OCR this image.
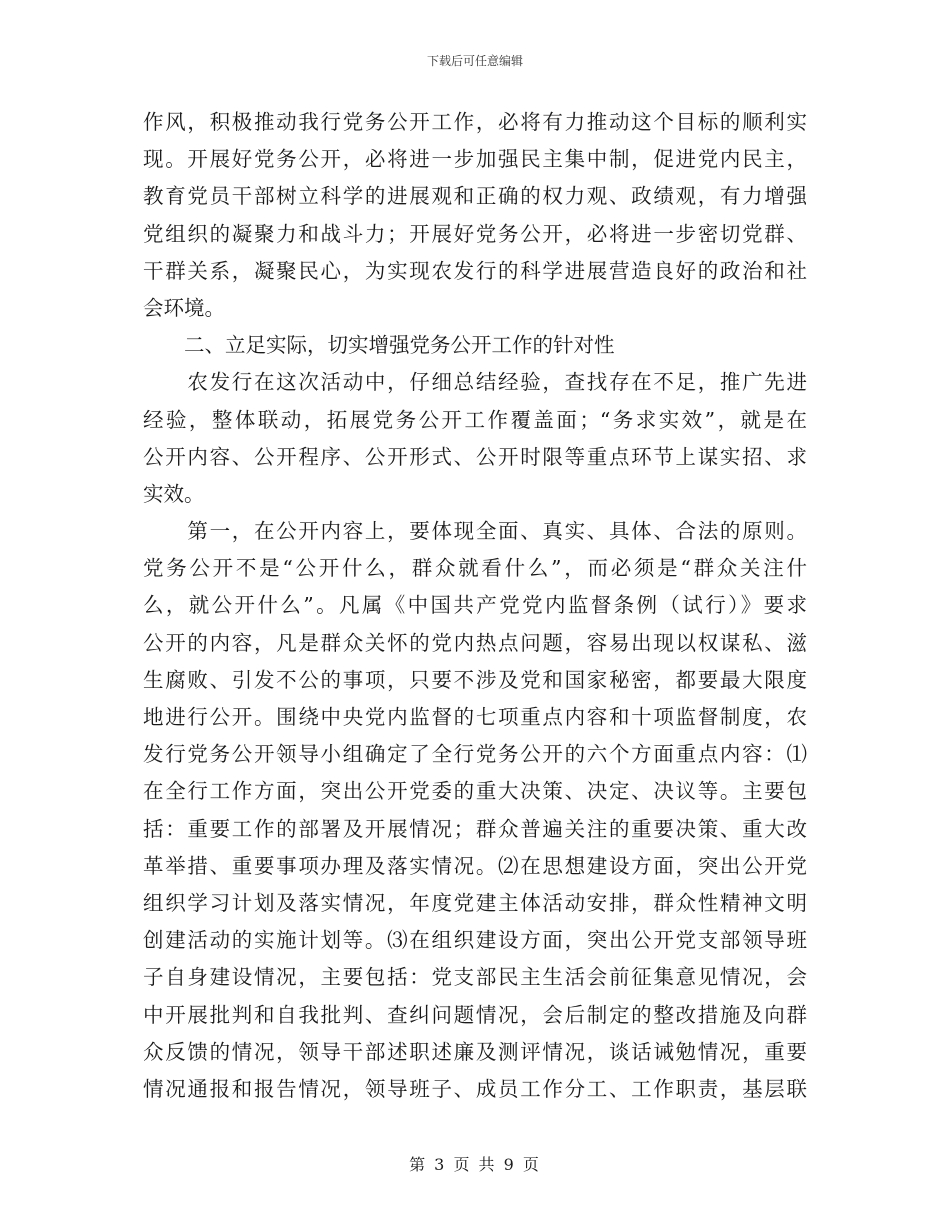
下载后可任意编辑
作风，积极推动我行党务公开工作，必将有力推动这个目标的顺利实
现。开展好党务公开，必将进一步加强民主集中制，促进党内民主，
教育党员干部树立科学的进展观和正确的权力观、政绩观，有力增强
党组织的凝聚力和战斗力；开展好党务公开，必将进一步密切党群、
干群关系，凝聚民心，为实现农发行的科学进展营造良好的政治和社
会环境。
　　二、立足实际，切实增强党务公开工作的针对性
　　农发行在这次活动中，仔细总结经验，查找存在不足，推广先进
经验，整体联动，拓展党务公开工作覆盖面；“务求实效”，就是在
公开内容、公开程序、公开形式、公开时限等重点环节上谋实招、求
实效。
　　第一，在公开内容上，要体现全面、真实、具体、合法的原则。
党务公开不是“公开什么，群众就看什么”，而必须是“群众关注什
么，就公开什么”。凡属《中国共产党党内监督条例（试行）》要求
公开的内容，凡是群众关怀的党内热点问题，容易出现以权谋私、滋
生腐败、引发不公的事项，只要不涉及党和国家秘密，都要最大限度
地进行公开。围绕中央党内监督的七项重点内容和十项监督制度，农
发行党务公开领导小组确定了全行党务公开的六个方面重点内容：⑴
在全行工作方面，突出公开党委的重大决策、决定、决议等。主要包
括：重要工作的部署及开展情况；群众普遍关注的重要决策、重大改
革举措、重要事项办理及落实情况。⑵在思想建设方面，突出公开党
组织学习计划及落实情况，年度党建主体活动安排，群众性精神文明
创建活动的实施计划等。⑶在组织建设方面，突出公开党支部领导班
子自身建设情况，主要包括：党支部民主生活会前征集意见情况，会
中开展批判和自我批判、查纠问题情况，会后制定的整改措施及向群
众反馈的情况，领导干部述职述廉及测评情况，谈话诫勉情况，重要
情况通报和报告情况，领导班子、成员工作分工、工作职责，基层联
第 3 页 共 9 页
